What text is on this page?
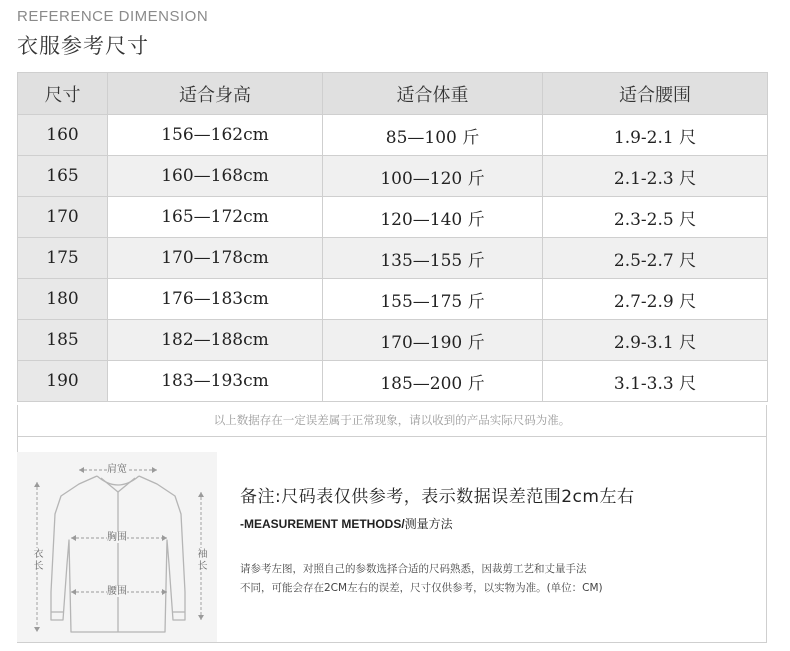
REFERENCE DIMENSION
衣服参考尺寸
尺寸	适合身高	适合体重	适合腰围
160	156—162cm	85—100 斤	1.9-2.1 尺
165	160—168cm	100—120 斤	2.1-2.3 尺
170	165—172cm	120—140 斤	2.3-2.5 尺
175	170—178cm	135—155 斤	2.5-2.7 尺
180	176—183cm	155—175 斤	2.7-2.9 尺
185	182—188cm	170—190 斤	2.9-3.1 尺
190	183—193cm	185—200 斤	3.1-3.3 尺
以上数据存在一定误差属于正常现象，请以收到的产品实际尺码为准。
肩宽
胸围
腰围
衣长	袖长
备注:尺码表仅供参考，表示数据误差范围2cm左右
-MEASUREMENT METHODS/测量方法
请参考左图，对照自己的参数选择合适的尺码熟悉，因裁剪工艺和丈量手法
不同，可能会存在2CM左右的误差，尺寸仅供参考，以实物为准。(单位：CM)
